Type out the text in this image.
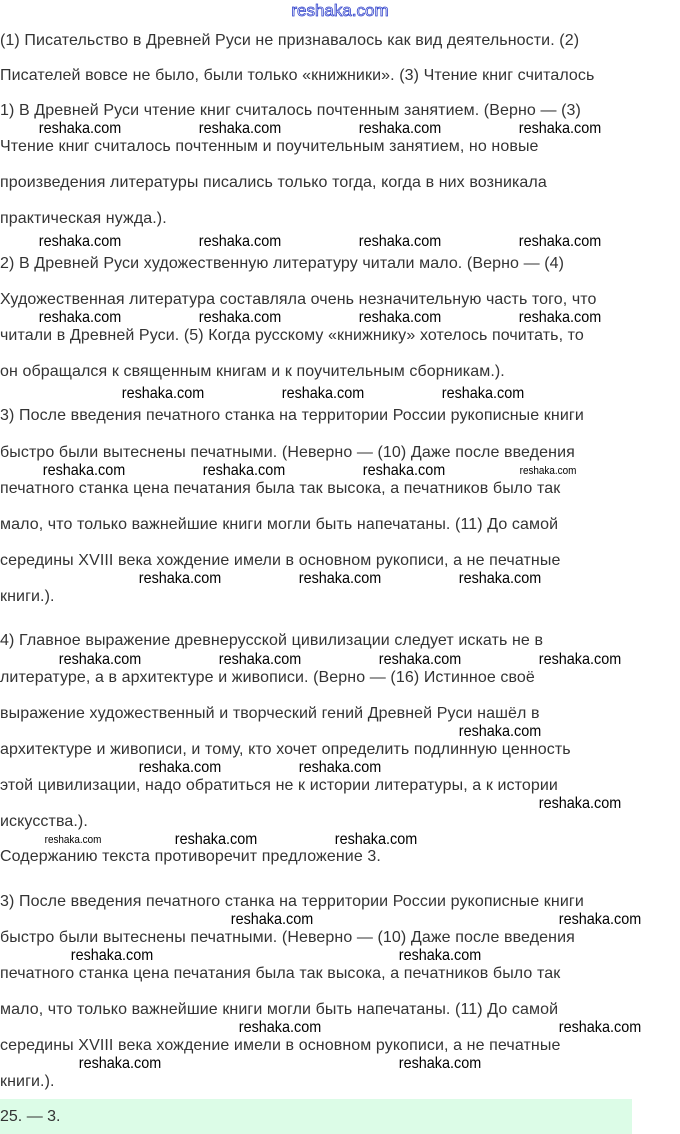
reshaka.com
(1) Писательство в Древней Руси не признавалось как вид деятельности. (2)
Писателей вовсе не было, были только «книжники». (3) Чтение книг считалось
1) В Древней Руси чтение книг считалось почтенным занятием. (Верно — (3)
Чтение книг считалось почтенным и поучительным занятием, но новые
произведения литературы писались только тогда, когда в них возникала
практическая нужда.).
2) В Древней Руси художественную литературу читали мало. (Верно — (4)
Художественная литература составляла очень незначительную часть того, что
читали в Древней Руси. (5) Когда русскому «книжнику» хотелось почитать, то
он обращался к священным книгам и к поучительным сборникам.).
3) После введения печатного станка на территории России рукописные книги
быстро были вытеснены печатными. (Неверно — (10) Даже после введения
печатного станка цена печатания была так высока, а печатников было так
мало, что только важнейшие книги могли быть напечатаны. (11) До самой
середины XVIII века хождение имели в основном рукописи, а не печатные
книги.).
4) Главное выражение древнерусской цивилизации следует искать не в
литературе, а в архитектуре и живописи. (Верно — (16) Истинное своё
выражение художественный и творческий гений Древней Руси нашёл в
архитектуре и живописи, и тому, кто хочет определить подлинную ценность
этой цивилизации, надо обратиться не к истории литературы, а к истории
искусства.).
Содержанию текста противоречит предложение 3.
3) После введения печатного станка на территории России рукописные книги
быстро были вытеснены печатными. (Неверно — (10) Даже после введения
печатного станка цена печатания была так высока, а печатников было так
мало, что только важнейшие книги могли быть напечатаны. (11) До самой
середины XVIII века хождение имели в основном рукописи, а не печатные
книги.).
reshaka.com	reshaka.com	reshaka.com	reshaka.com
reshaka.com	reshaka.com	reshaka.com	reshaka.com
reshaka.com	reshaka.com	reshaka.com	reshaka.com
reshaka.com	reshaka.com	reshaka.com
reshaka.com	reshaka.com	reshaka.com	reshaka.com
reshaka.com	reshaka.com	reshaka.com
reshaka.com	reshaka.com	reshaka.com	reshaka.com
reshaka.com
reshaka.com	reshaka.com
reshaka.com
reshaka.com	reshaka.com	reshaka.com
reshaka.com
reshaka.com
reshaka.com	reshaka.com
reshaka.com	reshaka.com
reshaka.com	reshaka.com
25. — 3.
